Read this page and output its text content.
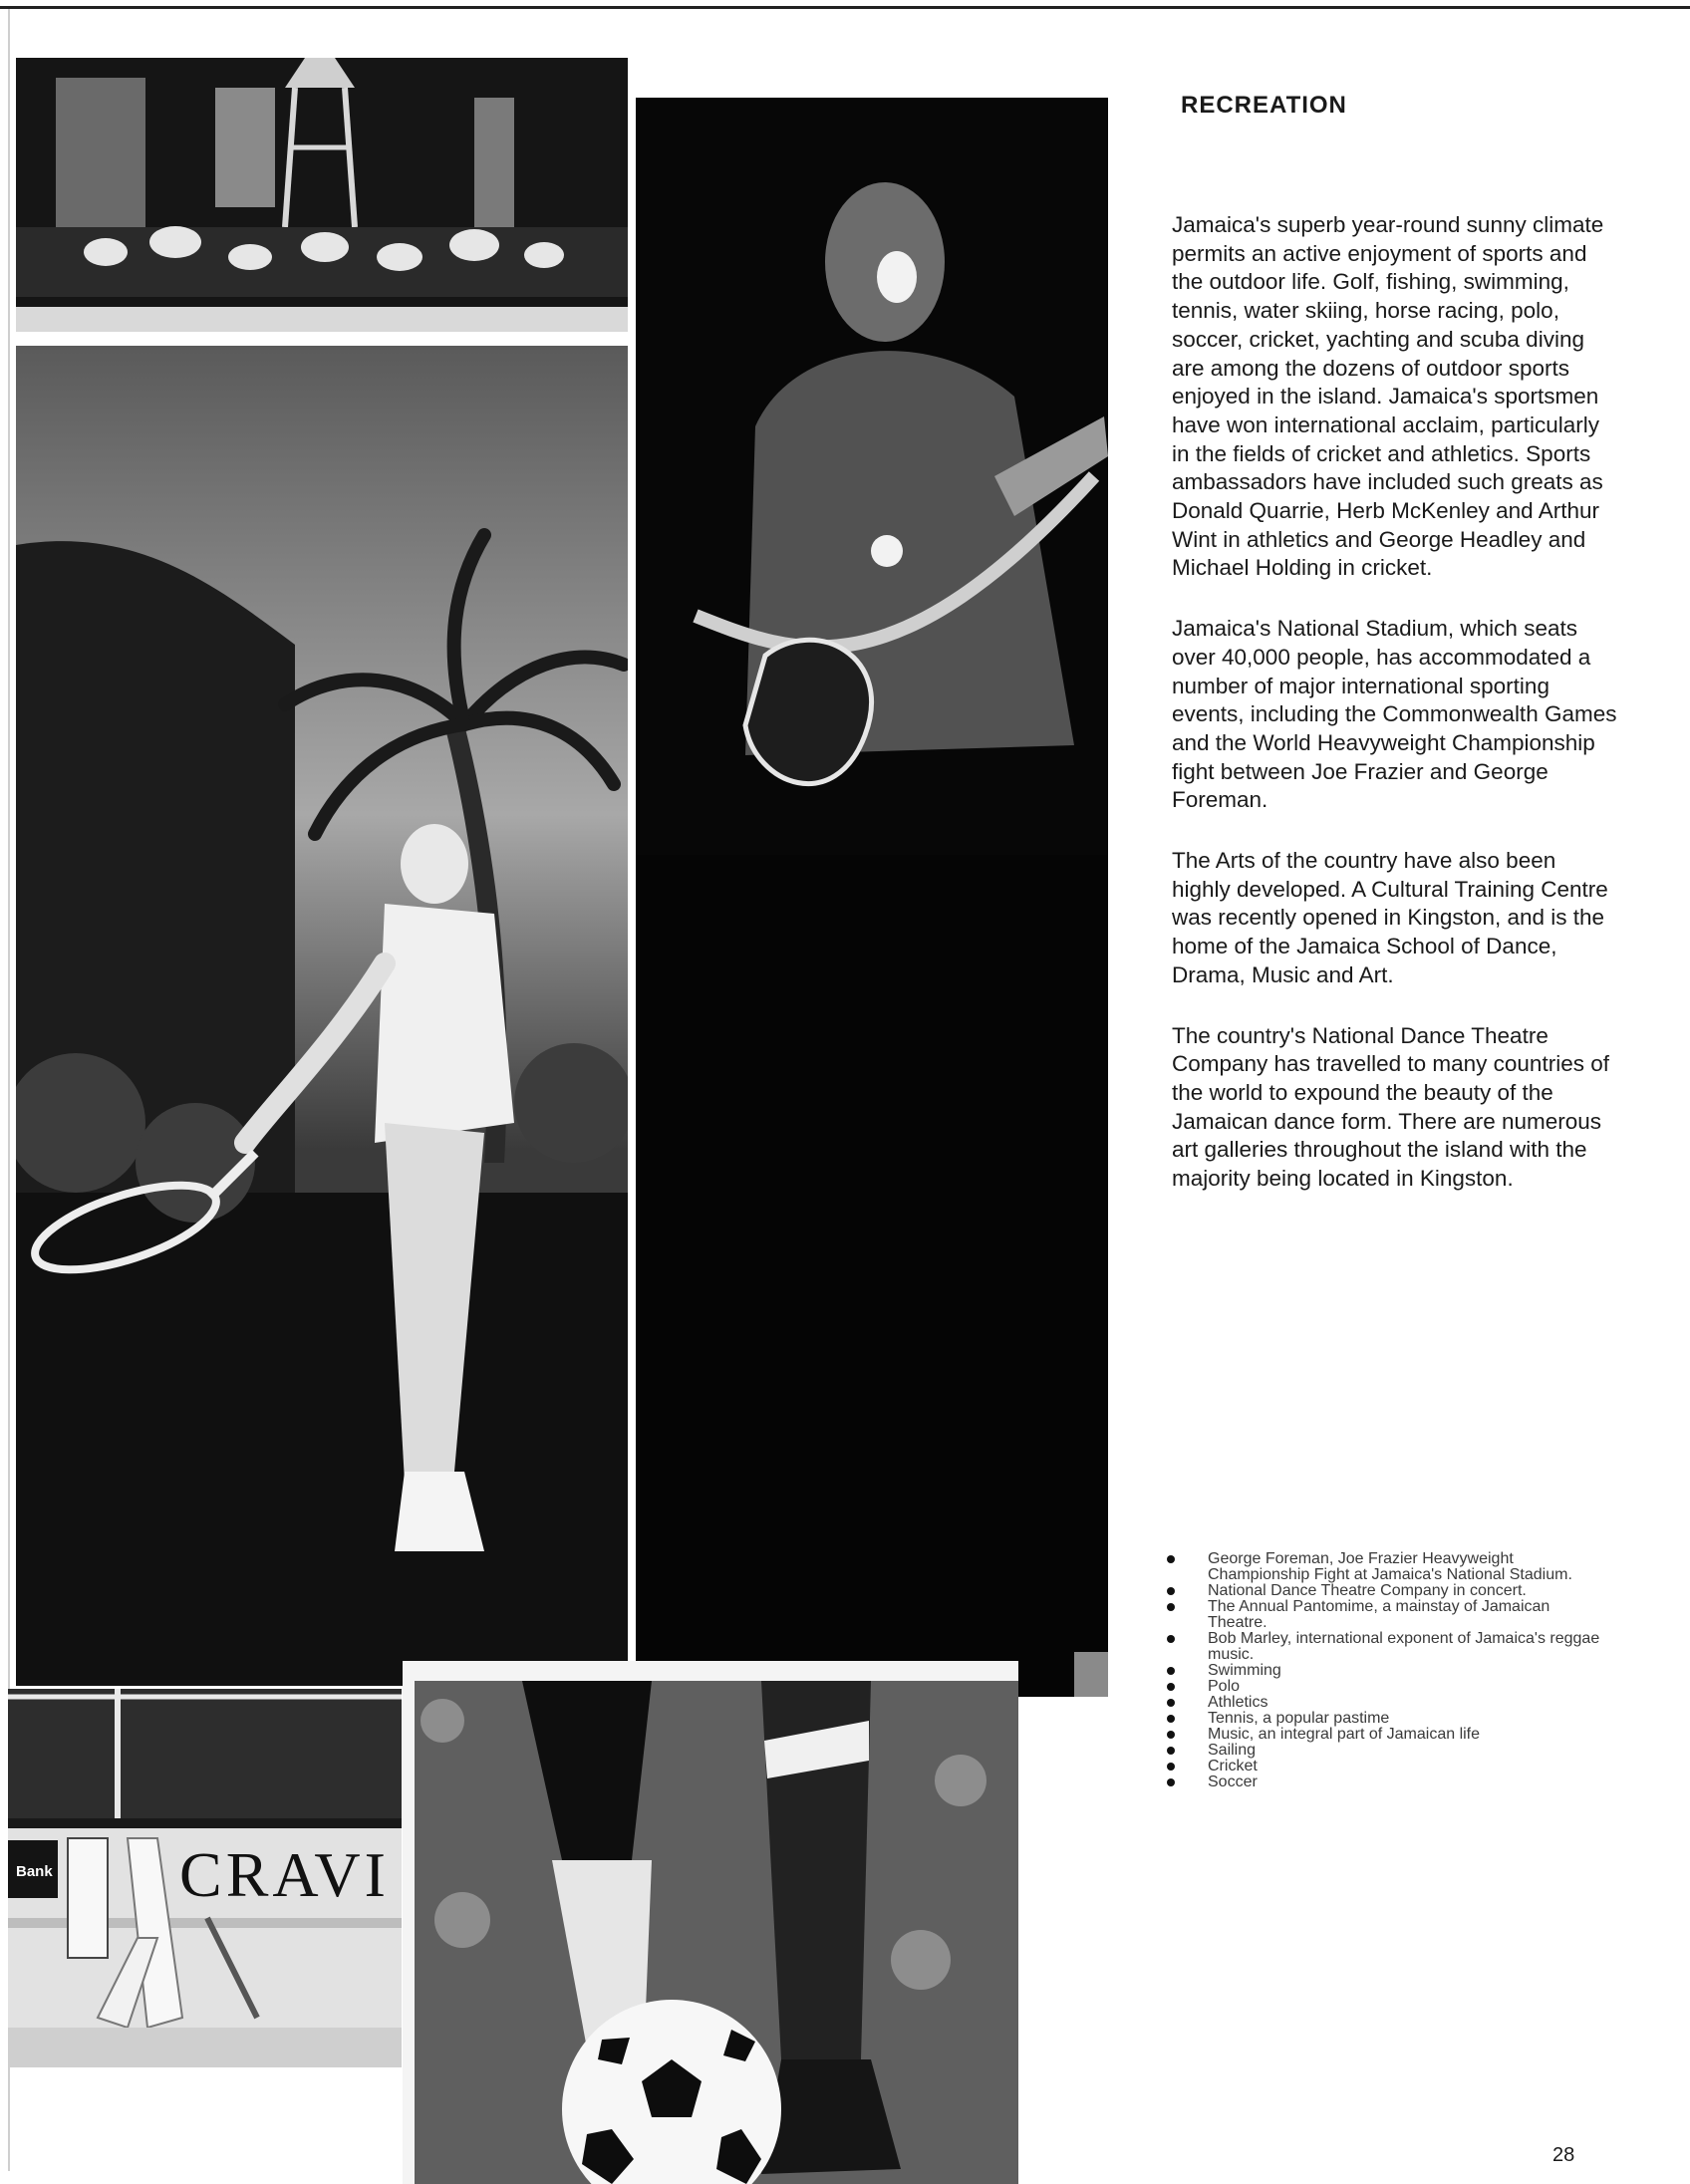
Bank CRAVI
RECREATION

Jamaica's superb year-round sunny climate permits an active enjoyment of sports and the outdoor life. Golf, fishing, swimming, tennis, water skiing, horse racing, polo, soccer, cricket, yachting and scuba diving are among the dozens of outdoor sports enjoyed in the island. Jamaica's sportsmen have won international acclaim, particularly in the fields of cricket and athletics. Sports ambassadors have included such greats as Donald Quarrie, Herb McKenley and Arthur Wint in athletics and George Headley and Michael Holding in cricket.

Jamaica's National Stadium, which seats over 40,000 people, has accommodated a number of major international sporting events, including the Commonwealth Games and the World Heavyweight Championship fight between Joe Frazier and George Foreman.

The Arts of the country have also been highly developed. A Cultural Training Centre was recently opened in Kingston, and is the home of the Jamaica School of Dance, Drama, Music and Art.

The country's National Dance Theatre Company has travelled to many countries of the world to expound the beauty of the Jamaican dance form. There are numerous art galleries throughout the island with the majority being located in Kingston.

George Foreman, Joe Frazier Heavyweight Championship Fight at Jamaica's National Stadium.
National Dance Theatre Company in concert.
The Annual Pantomime, a mainstay of Jamaican Theatre.
Bob Marley, international exponent of Jamaica's reggae music.
Swimming
Polo
Athletics
Tennis, a popular pastime
Music, an integral part of Jamaican life
Sailing
Cricket
Soccer
28
